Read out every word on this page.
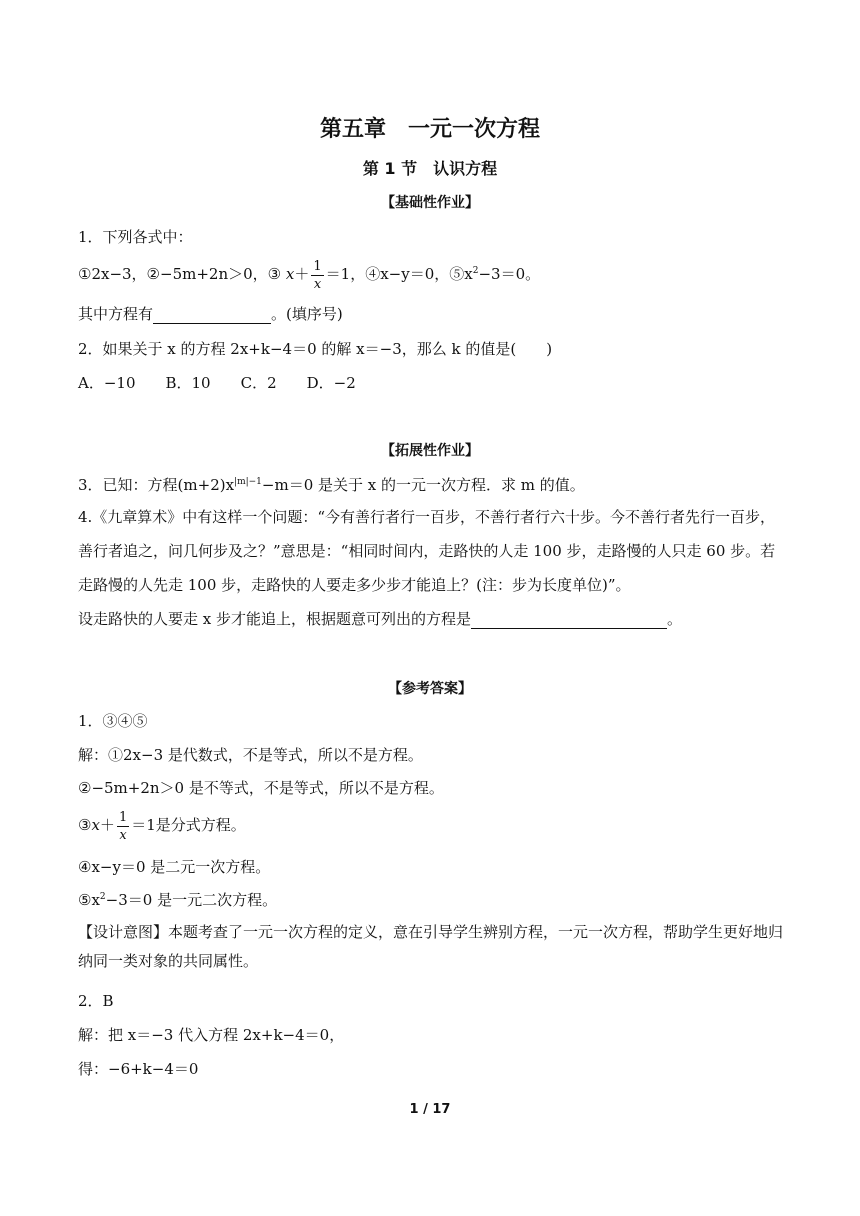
第五章　一元一次方程
第 1 节　认识方程
【基础性作业】
1．下列各式中：
①2x−3，②−5m+2n＞0，③ $x+ \frac{1}{x} =1$，④x−y＝0，$⑤x^2-3=0$。
其中方程有	。(填序号)
2．如果关于 x 的方程 2x+k−4＝0 的解 x＝−3，那么 k 的值是(　　)
A．−10　　B．10　　C．2　　D．−2
【拓展性作业】
3．已知：方程$(m+2)x^{|m|-1}-m=0$ 是关于 x 的一元一次方程．求 m 的值。
4.《九章算术》中有这样一个问题：“今有善行者行一百步，不善行者行六十步。今不善行者先行一百步，
善行者追之，问几何步及之？”意思是：“相同时间内，走路快的人走 100 步，走路慢的人只走 60 步。若
走路慢的人先走 100 步，走路快的人要走多少步才能追上？(注：步为长度单位)”。
设走路快的人要走 x 步才能追上，根据题意可列出的方程是	。
【参考答案】
1．③④⑤
解：①2x−3 是代数式，不是等式，所以不是方程。
②−5m+2n＞0 是不等式，不是等式，所以不是方程。
③x＋ $\frac{1}{x} =1$是分式方程。
④x−y＝0 是二元一次方程。
$⑤x^2-3=0$ 是一元二次方程。
【设计意图】本题考查了一元一次方程的定义，意在引导学生辨别方程，一元一次方程，帮助学生更好地归纳同一类对象的共同属性。
2．B
解：把 x＝−3 代入方程 2x+k−4＝0，
得：−6+k−4＝0
1 / 17
